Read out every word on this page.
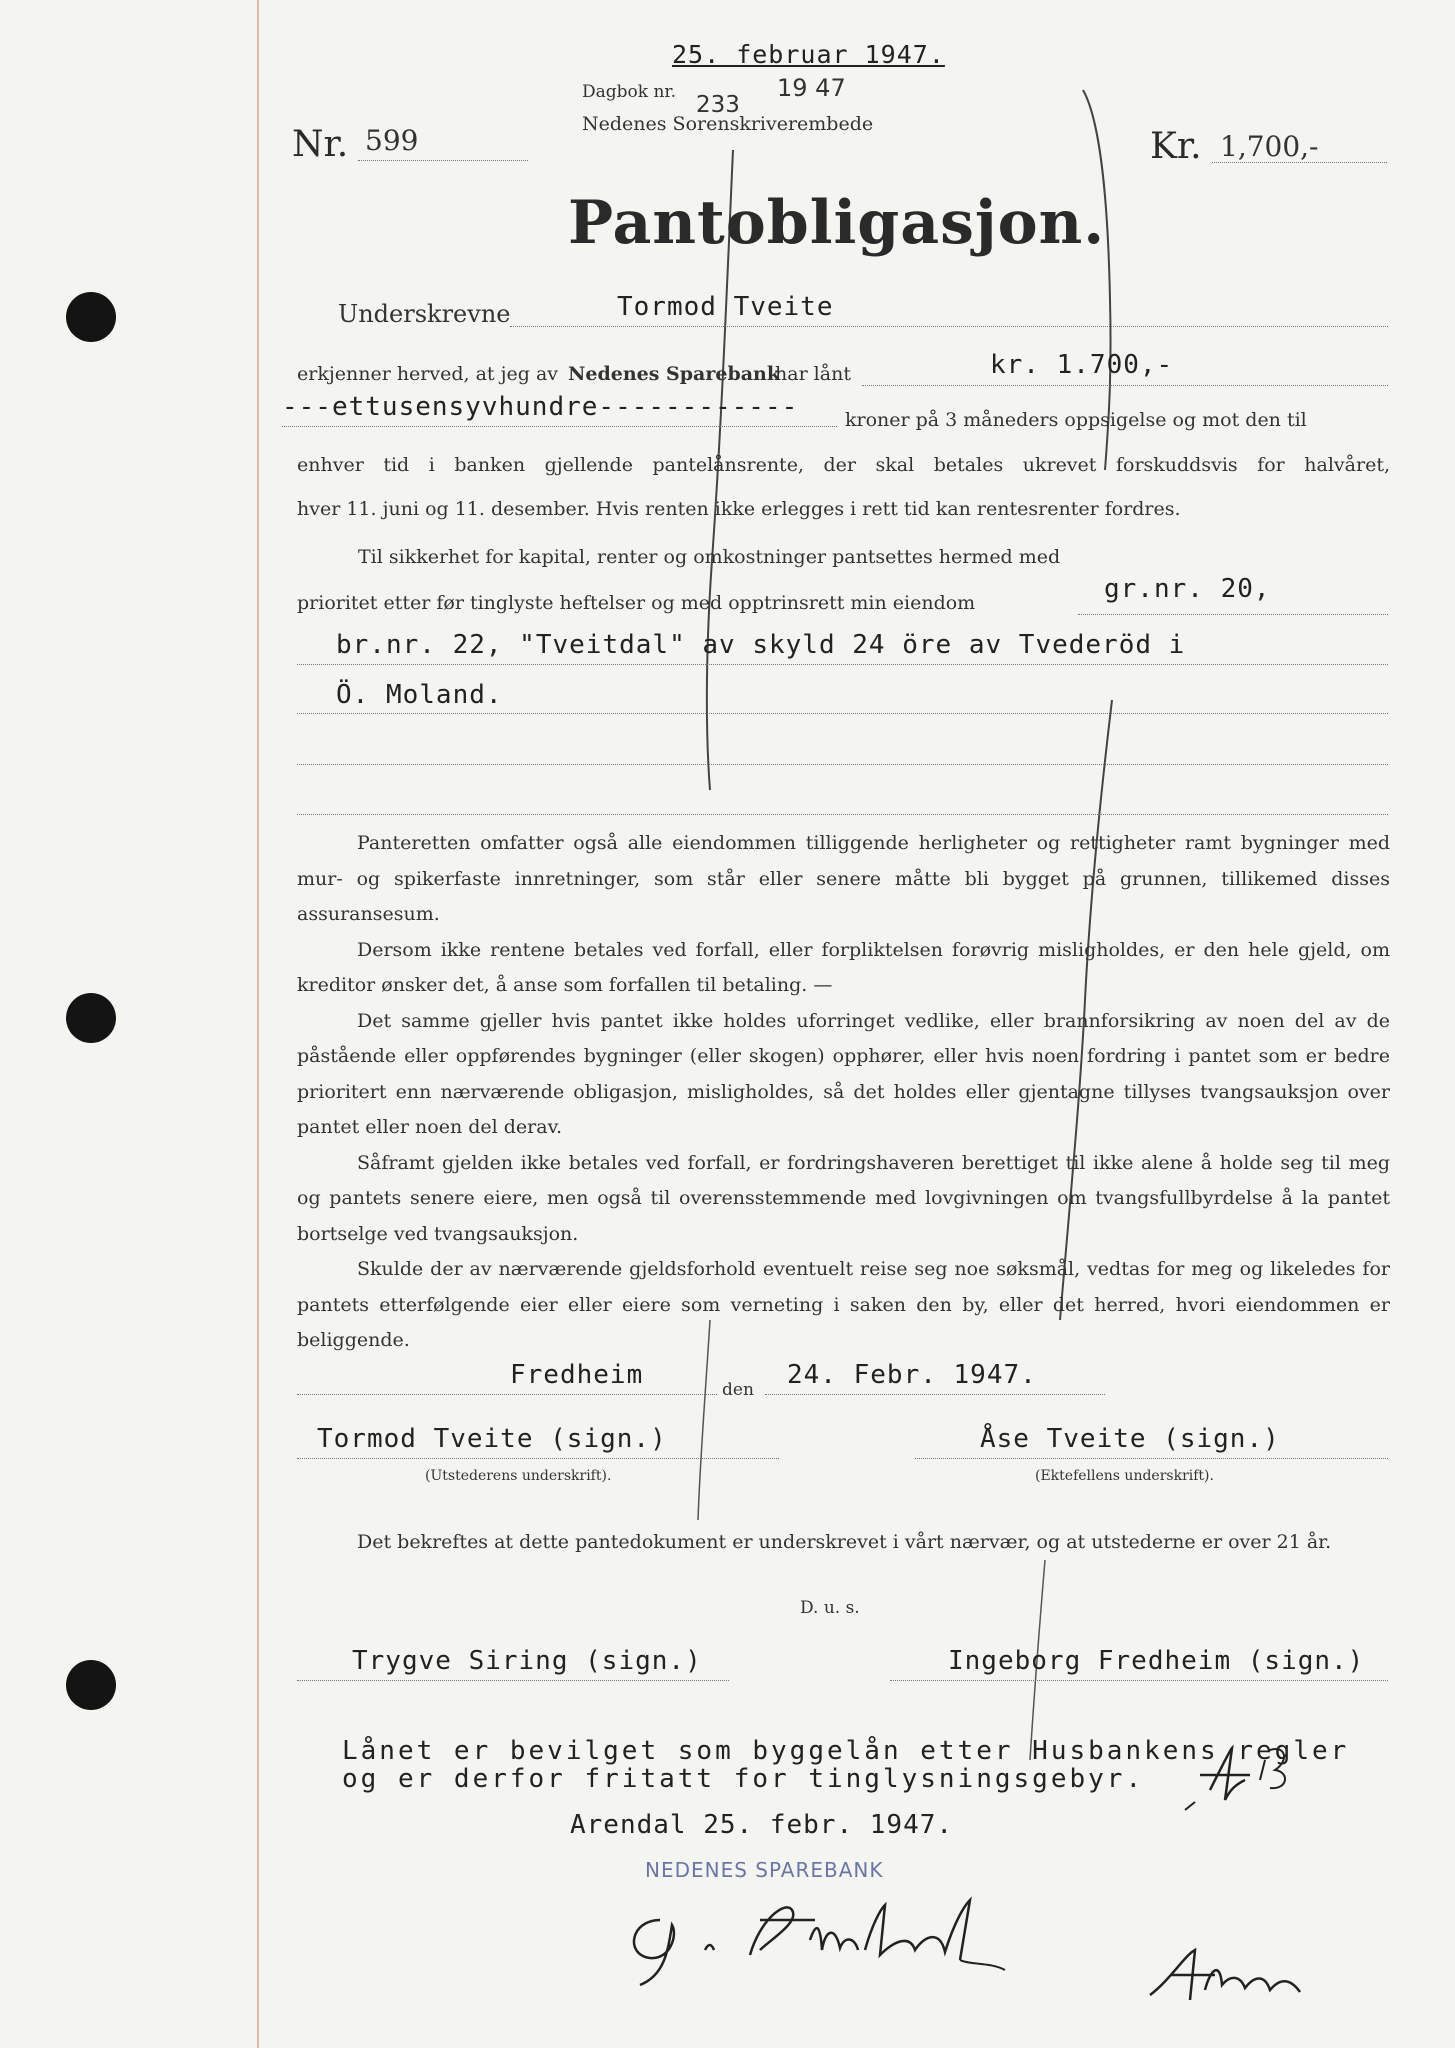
25. februar 1947.
Dagbok nr. 233
19 47
Nedenes Sorenskriverembede
Nr. 599	Kr. 1,700,-
Pantobligasjon.
Underskrevne	Tormod Tveite
erkjenner herved, at jeg av Nedenes Sparebank
har lånt	kr. 1.700,-
---ettusensyvhundre------------ kroner på 3 måneders oppsigelse og mot den til
enhver tid i banken gjellende pantelånsrente, der skal betales ukrevet forskuddsvis for halvåret,
hver 11. juni og 11. desember. Hvis renten ikke erlegges i rett tid kan rentesrenter fordres.
Til sikkerhet for kapital, renter og omkostninger pantsettes hermed med
prioritet etter før tinglyste heftelser og med opptrinsrett min eiendom	gr.nr. 20,
br.nr. 22, "Tveitdal" av skyld 24 öre av Tvederöd i
Ö. Moland.

Panteretten omfatter også alle eiendommen tilliggende herligheter og rettigheter ramt bygninger med mur- og spikerfaste innretninger, som står eller senere måtte bli bygget på grunnen, tillikemed disses assuransesum.

Dersom ikke rentene betales ved forfall, eller forpliktelsen forøvrig misligholdes, er den hele gjeld, om kreditor ønsker det, å anse som forfallen til betaling. —

Det samme gjeller hvis pantet ikke holdes uforringet vedlike, eller brannforsikring av noen del av de påstående eller oppførendes bygninger (eller skogen) opphører, eller hvis noen fordring i pantet som er bedre prioritert enn nærværende obligasjon, misligholdes, så det holdes eller gjentagne tillyses tvangsauksjon over pantet eller noen del derav.

Såframt gjelden ikke betales ved forfall, er fordringshaveren berettiget til ikke alene å holde seg til meg og pantets senere eiere, men også til overensstemmende med lovgivningen om tvangsfullbyrdelse å la pantet bortselge ved tvangsauksjon.

Skulde der av nærværende gjeldsforhold eventuelt reise seg noe søksmål, vedtas for meg og likeledes for pantets etterfølgende eier eller eiere som verneting i saken den by, eller det herred, hvori eiendommen er beliggende.

Fredheim	den 24. Febr. 1947.
Tormod Tveite (sign.)
(Utstederens underskrift).
Åse Tveite (sign.)
(Ektefellens underskrift).
Det bekreftes at dette pantedokument er underskrevet i vårt nærvær, og at utstederne er over 21 år.
D. u. s.
Trygve Siring (sign.)	Ingeborg Fredheim (sign.)
Lånet er bevilget som byggelån etter Husbankens regler
og er derfor fritatt for tinglysningsgebyr.
Arendal 25. febr. 1947.
NEDENES SPAREBANK
